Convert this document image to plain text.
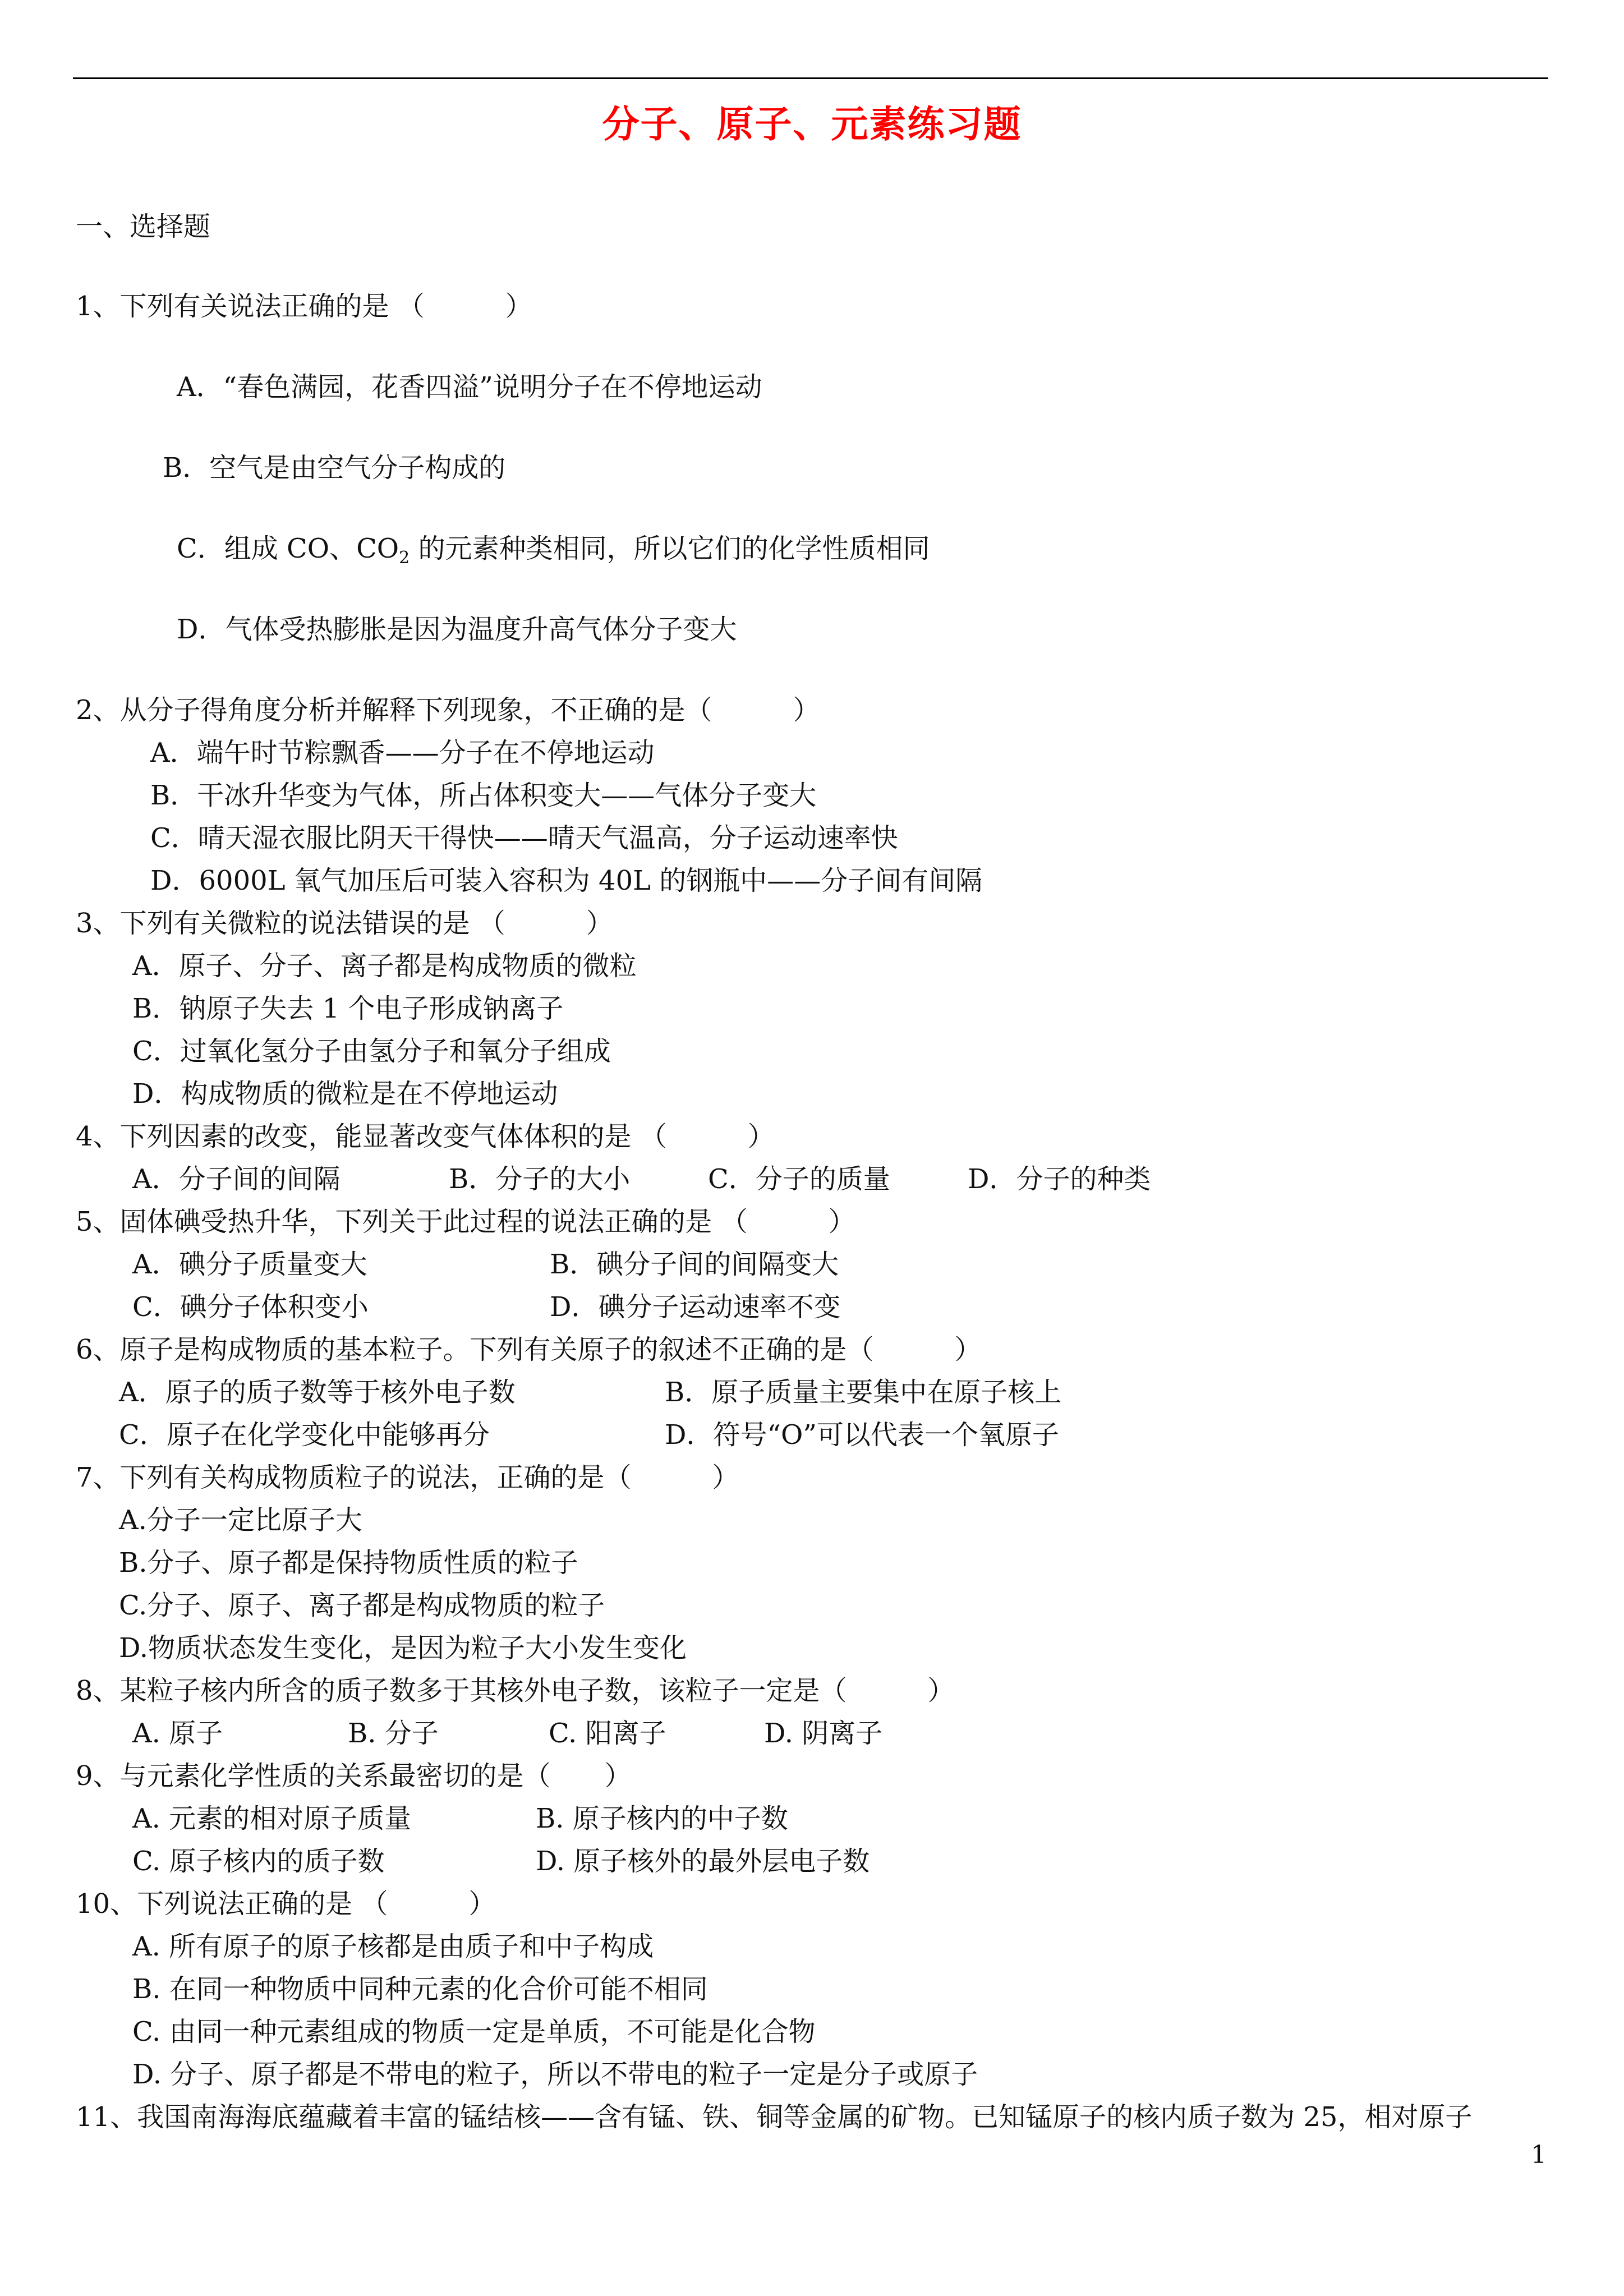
分子、原子、元素练习题
一、选择题
1、下列有关说法正确的是 （　　　）
A．“春色满园，花香四溢”说明分子在不停地运动
B．空气是由空气分子构成的
C．组成 CO、$CO_2$ 的元素种类相同，所以它们的化学性质相同
D．气体受热膨胀是因为温度升高气体分子变大
2、从分子得角度分析并解释下列现象，不正确的是（　　　）
A．端午时节粽飘香——分子在不停地运动
B．干冰升华变为气体，所占体积变大——气体分子变大
C．晴天湿衣服比阴天干得快——晴天气温高，分子运动速率快
D．6000L 氧气加压后可装入容积为 40L 的钢瓶中——分子间有间隔
3、下列有关微粒的说法错误的是 （　　　）
A．原子、分子、离子都是构成物质的微粒
B．钠原子失去 1 个电子形成钠离子
C．过氧化氢分子由氢分子和氧分子组成
D．构成物质的微粒是在不停地运动
4、下列因素的改变，能显著改变气体体积的是 （　　　）
A．分子间的间隔	B．分子的大小	C．分子的质量	D．分子的种类
5、固体碘受热升华，下列关于此过程的说法正确的是 （　　　）
A．碘分子质量变大	B．碘分子间的间隔变大
C．碘分子体积变小	D．碘分子运动速率不变
6、原子是构成物质的基本粒子。下列有关原子的叙述不正确的是（　　　）
A．原子的质子数等于核外电子数	B．原子质量主要集中在原子核上
C．原子在化学变化中能够再分	D．符号“O”可以代表一个氧原子
7、下列有关构成物质粒子的说法，正确的是（　　　）
A.分子一定比原子大
B.分子、原子都是保持物质性质的粒子
C.分子、原子、离子都是构成物质的粒子
D.物质状态发生变化，是因为粒子大小发生变化
8、某粒子核内所含的质子数多于其核外电子数，该粒子一定是（　　　）
A. 原子	B. 分子	C. 阳离子	D. 阴离子
9、与元素化学性质的关系最密切的是（　　）
A. 元素的相对原子质量	B. 原子核内的中子数
C. 原子核内的质子数	D. 原子核外的最外层电子数
10、下列说法正确的是 （　　　）
A. 所有原子的原子核都是由质子和中子构成
B. 在同一种物质中同种元素的化合价可能不相同
C. 由同一种元素组成的物质一定是单质，不可能是化合物
D. 分子、原子都是不带电的粒子，所以不带电的粒子一定是分子或原子
11、我国南海海底蕴藏着丰富的锰结核——含有锰、铁、铜等金属的矿物。已知锰原子的核内质子数为 25，相对原子
1
